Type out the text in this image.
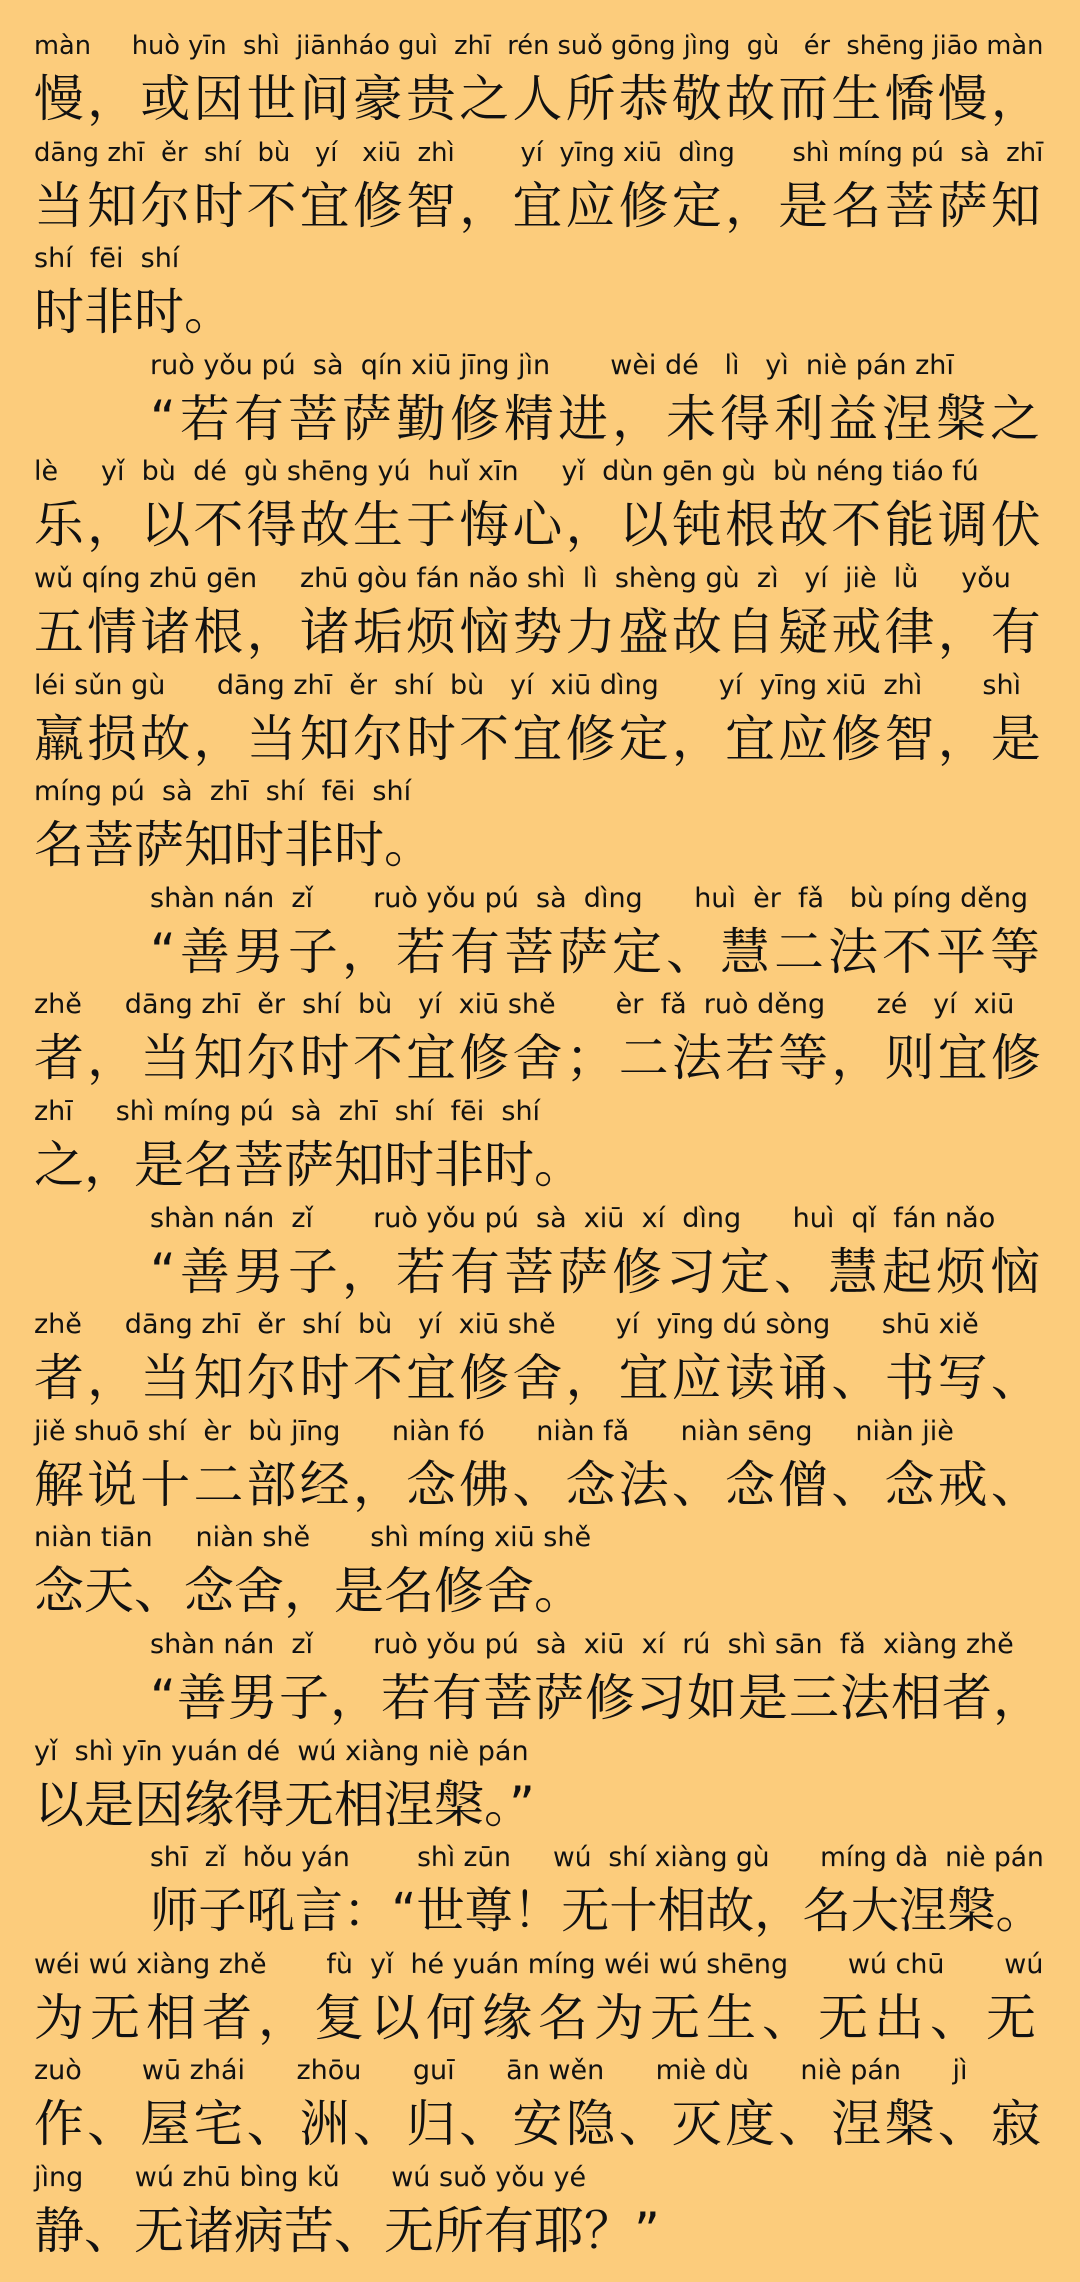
màn     huò yīn  shì  jiānháo guì  zhī  rén suǒ gōng jìng  gù   ér  shēng jiāo màn
慢，或因世间豪贵之人所恭敬故而生憍慢，
dāng zhī  ěr  shí  bù   yí   xiū  zhì        yí  yīng xiū  dìng       shì míng pú  sà  zhī
当知尔时不宜修智，宜应修定，是名菩萨知
shí  fēi  shí
时非时。
ruò yǒu pú  sà  qín xiū jīng jìn       wèi dé   lì   yì  niè pán zhī
“若有菩萨勤修精进，未得利益涅槃之
lè     yǐ  bù  dé  gù shēng yú  huǐ xīn     yǐ  dùn gēn gù  bù néng tiáo fú
乐，以不得故生于悔心，以钝根故不能调伏
wǔ qíng zhū gēn     zhū gòu fán nǎo shì  lì  shèng gù  zì   yí  jiè  lǜ     yǒu
五情诸根，诸垢烦恼势力盛故自疑戒律，有
léi sǔn gù      dāng zhī  ěr  shí  bù   yí  xiū dìng       yí  yīng xiū  zhì       shì
羸损故，当知尔时不宜修定，宜应修智，是
míng pú  sà  zhī  shí  fēi  shí
名菩萨知时非时。
shàn nán  zǐ       ruò yǒu pú  sà  dìng      huì  èr  fǎ   bù píng děng
“善男子，若有菩萨定、慧二法不平等
zhě     dāng zhī  ěr  shí  bù   yí  xiū shě       èr  fǎ  ruò děng      zé   yí  xiū
者，当知尔时不宜修舍；二法若等，则宜修
zhī     shì míng pú  sà  zhī  shí  fēi  shí
之，是名菩萨知时非时。
shàn nán  zǐ       ruò yǒu pú  sà  xiū  xí  dìng      huì  qǐ  fán nǎo
“善男子，若有菩萨修习定、慧起烦恼
zhě     dāng zhī  ěr  shí  bù   yí  xiū shě       yí  yīng dú sòng      shū xiě
者，当知尔时不宜修舍，宜应读诵、书写、
jiě shuō shí  èr  bù jīng      niàn fó      niàn fǎ      niàn sēng     niàn jiè
解说十二部经，念佛、念法、念僧、念戒、
niàn tiān     niàn shě       shì míng xiū shě
念天、念舍，是名修舍。
shàn nán  zǐ       ruò yǒu pú  sà  xiū  xí  rú  shì sān  fǎ  xiàng zhě
“善男子，若有菩萨修习如是三法相者，
yǐ  shì yīn yuán dé  wú xiàng niè pán
以是因缘得无相涅槃。”
shī  zǐ  hǒu yán        shì zūn     wú  shí xiàng gù      míng dà  niè pán
师子吼言：“世尊！无十相故，名大涅槃。
wéi wú xiàng zhě       fù  yǐ  hé yuán míng wéi wú shēng       wú chū       wú
为无相者，复以何缘名为无生、无出、无
zuò       wū zhái      zhōu      guī      ān wěn      miè dù      niè pán      jì
作、屋宅、洲、归、安隐、灭度、涅槃、寂
jìng      wú zhū bìng kǔ      wú suǒ yǒu yé
静、无诸病苦、无所有耶？”
